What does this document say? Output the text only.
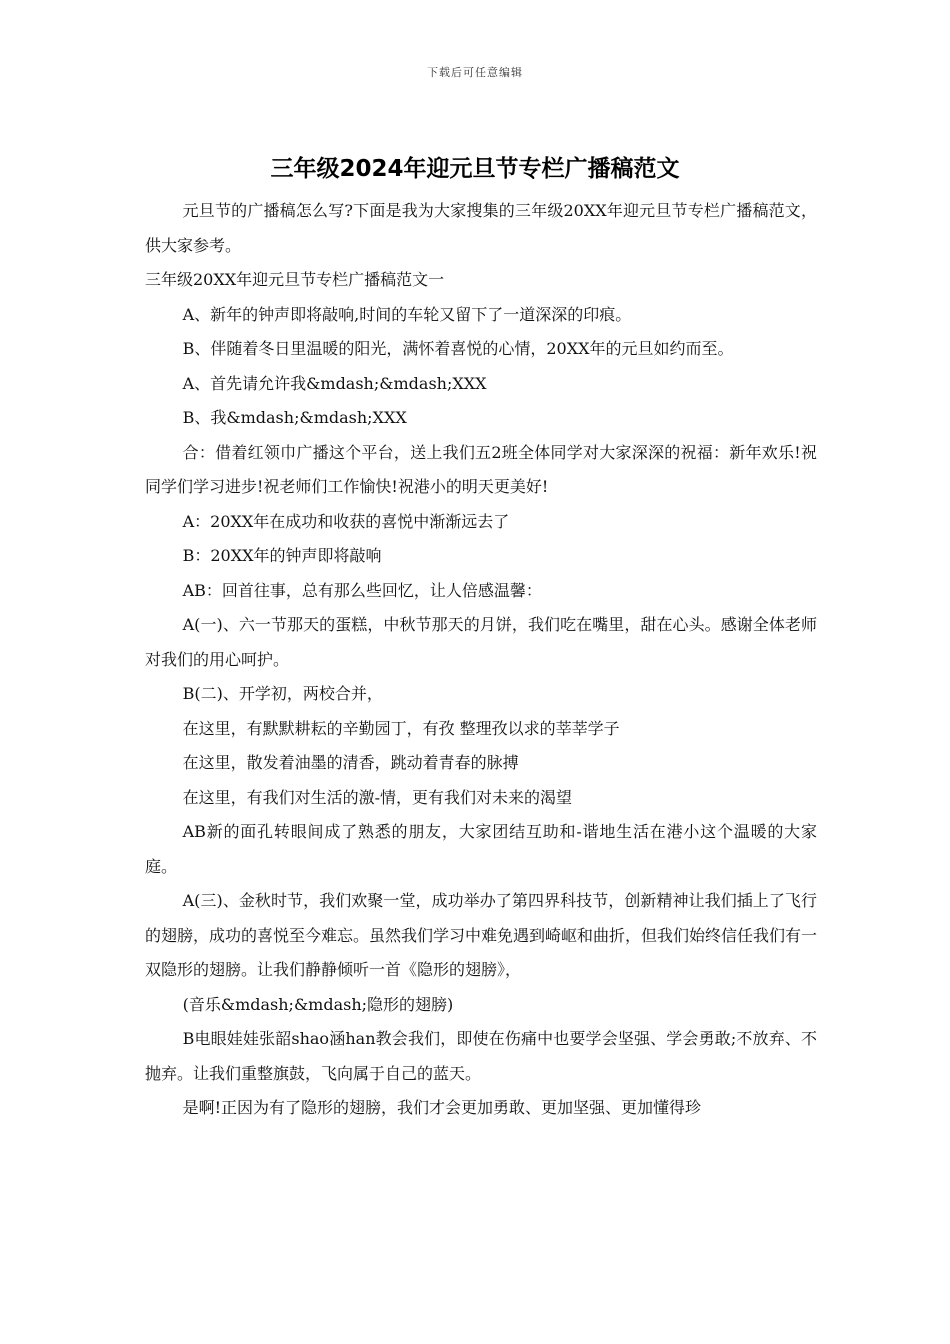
下载后可任意编辑
三年级2024年迎元旦节专栏广播稿范文

元旦节的广播稿怎么写?下面是我为大家搜集的三年级20XX年迎元旦节专栏广播稿范文，供大家参考。

三年级20XX年迎元旦节专栏广播稿范文一

A、新年的钟声即将敲响,时间的车轮又留下了一道深深的印痕。

B、伴随着冬日里温暖的阳光，满怀着喜悦的心情，20XX年的元旦如约而至。

A、首先请允许我&mdash;&mdash;XXX

B、我&mdash;&mdash;XXX

合：借着红领巾广播这个平台，送上我们五2班全体同学对大家深深的祝福：新年欢乐!祝同学们学习进步!祝老师们工作愉快!祝港小的明天更美好!

A：20XX年在成功和收获的喜悦中渐渐远去了

B：20XX年的钟声即将敲响

AB：回首往事，总有那么些回忆，让人倍感温馨：

A(一)、六一节那天的蛋糕，中秋节那天的月饼，我们吃在嘴里，甜在心头。感谢全体老师对我们的用心呵护。

B(二)、开学初，两校合并，

在这里，有默默耕耘的辛勤园丁，有孜 整理孜以求的莘莘学子

在这里，散发着油墨的清香，跳动着青春的脉搏

在这里，有我们对生活的激-情，更有我们对未来的渴望

AB新的面孔转眼间成了熟悉的朋友，大家团结互助和-谐地生活在港小这个温暖的大家庭。

A(三)、金秋时节，我们欢聚一堂，成功举办了第四界科技节，创新精神让我们插上了飞行的翅膀，成功的喜悦至今难忘。虽然我们学习中难免遇到崎岖和曲折，但我们始终信任我们有一双隐形的翅膀。让我们静静倾听一首《隐形的翅膀》，

(音乐&mdash;&mdash;隐形的翅膀)

B电眼娃娃张韶shao涵han教会我们，即使在伤痛中也要学会坚强、学会勇敢;不放弃、不抛弃。让我们重整旗鼓，飞向属于自己的蓝天。

是啊!正因为有了隐形的翅膀，我们才会更加勇敢、更加坚强、更加懂得珍
